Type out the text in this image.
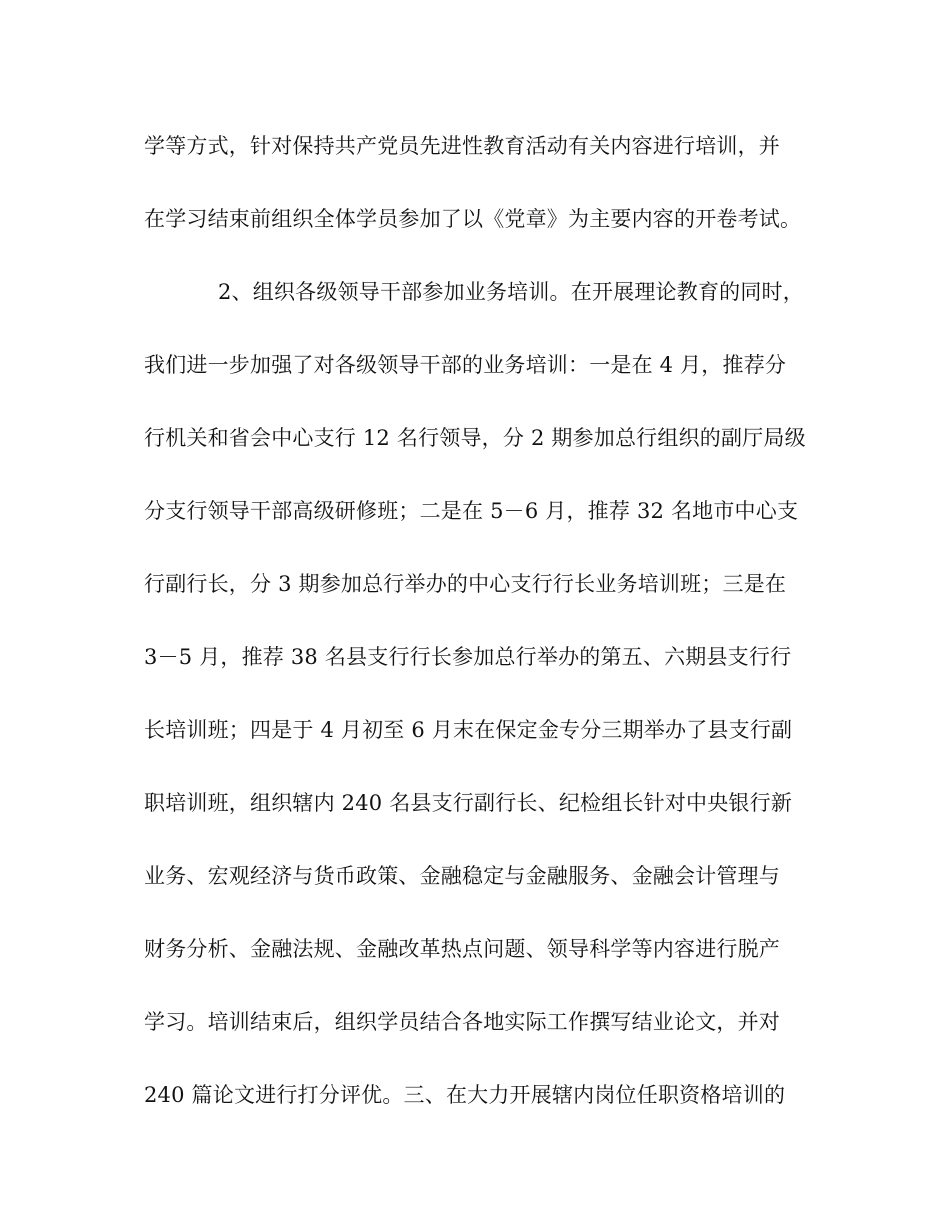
学等方式，针对保持共产党员先进性教育活动有关内容进行培训，并
在学习结束前组织全体学员参加了以《党章》为主要内容的开卷考试。
2、组织各级领导干部参加业务培训。在开展理论教育的同时，
我们进一步加强了对各级领导干部的业务培训：一是在 4 月，推荐分
行机关和省会中心支行 12 名行领导，分 2 期参加总行组织的副厅局级
分支行领导干部高级研修班；二是在 5－6 月，推荐 32 名地市中心支
行副行长，分 3 期参加总行举办的中心支行行长业务培训班；三是在
3－5 月，推荐 38 名县支行行长参加总行举办的第五、六期县支行行
长培训班；四是于 4 月初至 6 月末在保定金专分三期举办了县支行副
职培训班，组织辖内 240 名县支行副行长、纪检组长针对中央银行新
业务、宏观经济与货币政策、金融稳定与金融服务、金融会计管理与
财务分析、金融法规、金融改革热点问题、领导科学等内容进行脱产
学习。培训结束后，组织学员结合各地实际工作撰写结业论文，并对
240 篇论文进行打分评优。三、在大力开展辖内岗位任职资格培训的
